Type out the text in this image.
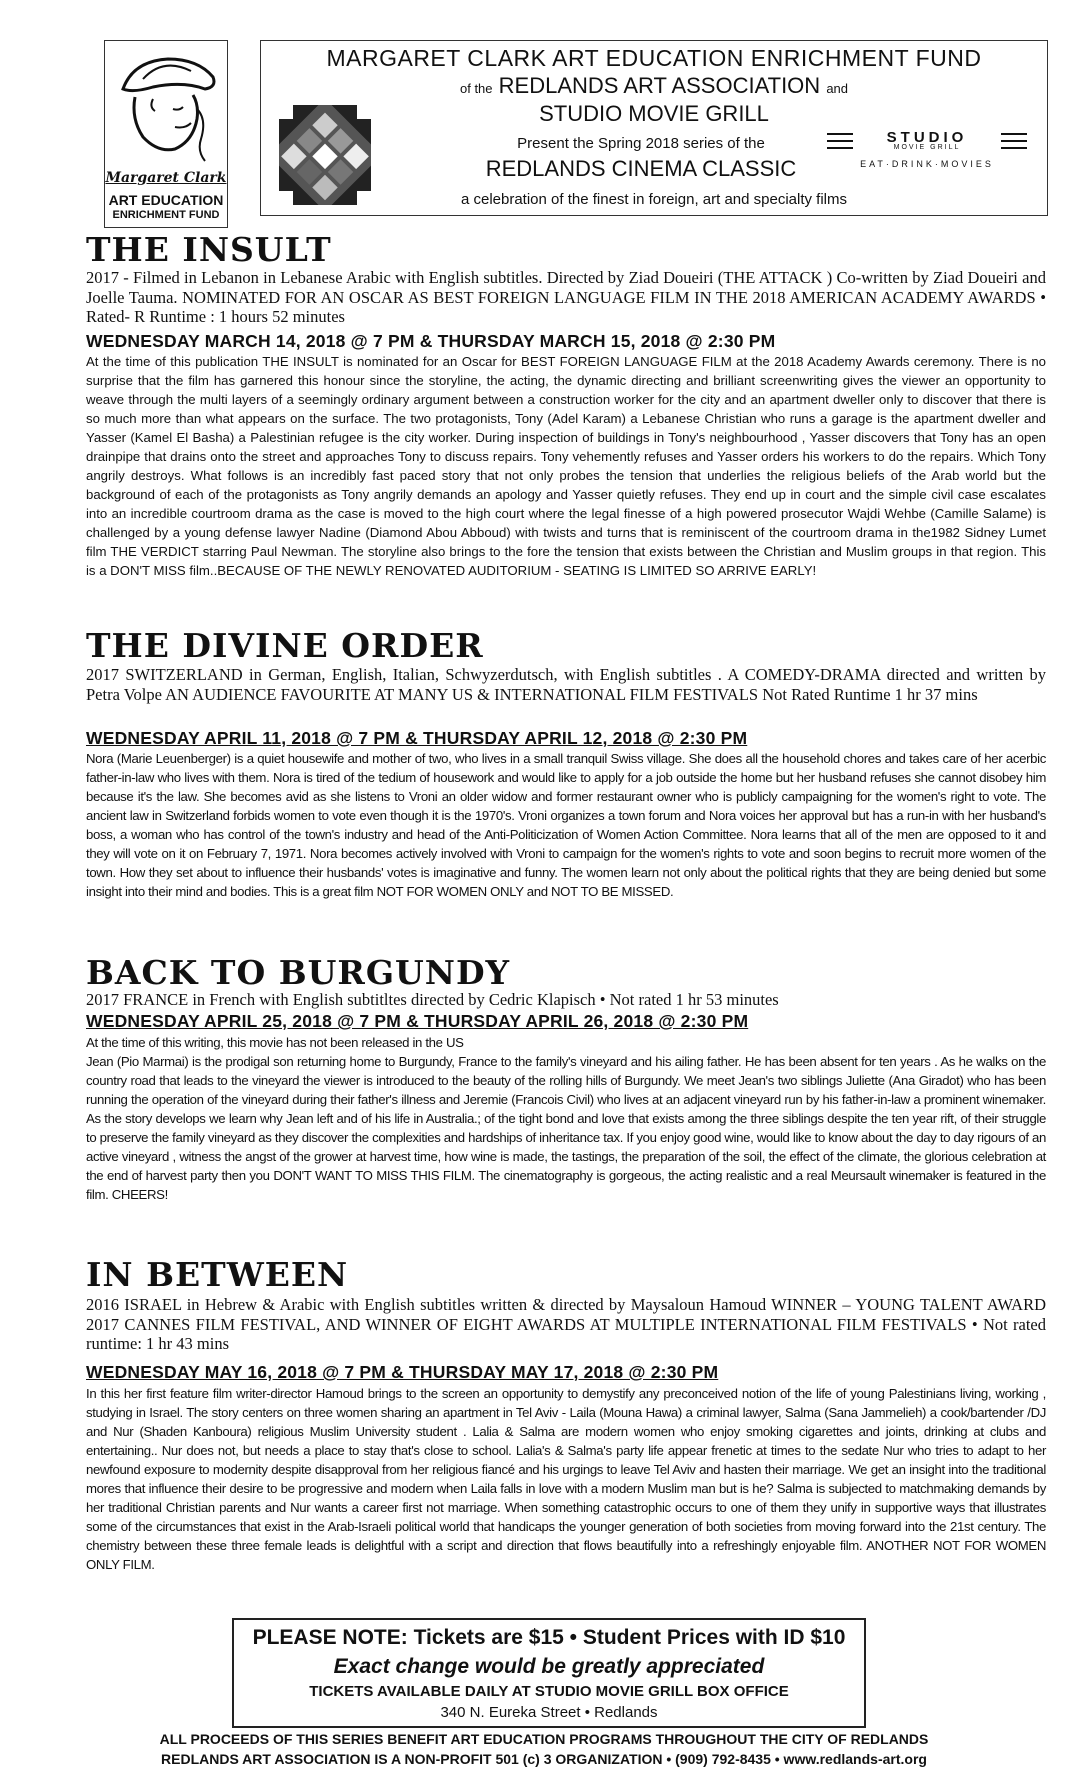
Margaret Clark
ART EDUCATION
ENRICHMENT FUND
MARGARET CLARK ART EDUCATION ENRICHMENT FUND
of the REDLANDS ART ASSOCIATION and
STUDIO MOVIE GRILL
Present the Spring 2018 series of the
REDLANDS CINEMA CLASSIC
STUDIO
MOVIE GRILL
EAT·DRINK·MOVIES
a celebration of the finest in foreign, art and specialty films
THE INSULT
2017 - Filmed in Lebanon in Lebanese Arabic with English subtitles. Directed by Ziad Doueiri (THE ATTACK ) Co-written by Ziad Doueiri and Joelle Tauma. NOMINATED FOR AN OSCAR AS BEST FOREIGN LANGUAGE FILM IN THE 2018 AMERICAN ACADEMY AWARDS • Rated- R Runtime : 1 hours 52 minutes
WEDNESDAY MARCH 14, 2018 @ 7 PM & THURSDAY MARCH 15, 2018 @ 2:30 PM
At the time of this publication THE INSULT is nominated for an Oscar for BEST FOREIGN LANGUAGE FILM at the 2018 Academy Awards ceremony. There is no surprise that the film has garnered this honour since the storyline, the acting, the dynamic directing and brilliant screenwriting gives the viewer an opportunity to weave through the multi layers of a seemingly ordinary argument between a construction worker for the city and an apartment dweller only to discover that there is so much more than what appears on the surface. The two protagonists, Tony (Adel Karam) a Lebanese Christian who runs a garage is the apartment dweller and Yasser (Kamel El Basha) a Palestinian refugee is the city worker. During inspection of buildings in Tony's neighbourhood , Yasser discovers that Tony has an open drainpipe that drains onto the street and approaches Tony to discuss repairs. Tony vehemently refuses and Yasser orders his workers to do the repairs. Which Tony angrily destroys. What follows is an incredibly fast paced story that not only probes the tension that underlies the religious beliefs of the Arab world but the background of each of the protagonists as Tony angrily demands an apology and Yasser quietly refuses. They end up in court and the simple civil case escalates into an incredible courtroom drama as the case is moved to the high court where the legal finesse of a high powered prosecutor Wajdi Wehbe (Camille Salame) is challenged by a young defense lawyer Nadine (Diamond Abou Abboud) with twists and turns that is reminiscent of the courtroom drama in the1982 Sidney Lumet film THE VERDICT starring Paul Newman. The storyline also brings to the fore the tension that exists between the Christian and Muslim groups in that region. This is a DON'T MISS film..BECAUSE OF THE NEWLY RENOVATED AUDITORIUM - SEATING IS LIMITED SO ARRIVE EARLY!
THE DIVINE ORDER
2017 SWITZERLAND in German, English, Italian, Schwyzerdutsch, with English subtitles . A COMEDY-DRAMA directed and written by Petra Volpe AN AUDIENCE FAVOURITE AT MANY US & INTERNATIONAL FILM FESTIVALS Not Rated Runtime 1 hr 37 mins
WEDNESDAY APRIL 11, 2018 @ 7 PM & THURSDAY APRIL 12, 2018 @ 2:30 PM
Nora (Marie Leuenberger) is a quiet housewife and mother of two, who lives in a small tranquil Swiss village. She does all the household chores and takes care of her acerbic father-in-law who lives with them. Nora is tired of the tedium of housework and would like to apply for a job outside the home but her husband refuses she cannot disobey him because it's the law. She becomes avid as she listens to Vroni an older widow and former restaurant owner who is publicly campaigning for the women's right to vote. The ancient law in Switzerland forbids women to vote even though it is the 1970's. Vroni organizes a town forum and Nora voices her approval but has a run-in with her husband's boss, a woman who has control of the town's industry and head of the Anti-Politicization of Women Action Committee. Nora learns that all of the men are opposed to it and they will vote on it on February 7, 1971. Nora becomes actively involved with Vroni to campaign for the women's rights to vote and soon begins to recruit more women of the town. How they set about to influence their husbands' votes is imaginative and funny. The women learn not only about the political rights that they are being denied but some insight into their mind and bodies. This is a great film NOT FOR WOMEN ONLY and NOT TO BE MISSED.
BACK TO BURGUNDY
2017 FRANCE in French with English subtitltes directed by Cedric Klapisch • Not rated 1 hr 53 minutes
WEDNESDAY APRIL 25, 2018 @ 7 PM & THURSDAY APRIL 26, 2018 @ 2:30 PM
At the time of this writing, this movie has not been released in the US
Jean (Pio Marmai) is the prodigal son returning home to Burgundy, France to the family's vineyard and his ailing father. He has been absent for ten years . As he walks on the country road that leads to the vineyard the viewer is introduced to the beauty of the rolling hills of Burgundy. We meet Jean's two siblings Juliette (Ana Giradot) who has been running the operation of the vineyard during their father's illness and Jeremie (Francois Civil) who lives at an adjacent vineyard run by his father-in-law a prominent winemaker. As the story develops we learn why Jean left and of his life in Australia.; of the tight bond and love that exists among the three siblings despite the ten year rift, of their struggle to preserve the family vineyard as they discover the complexities and hardships of inheritance tax. If you enjoy good wine, would like to know about the day to day rigours of an active vineyard , witness the angst of the grower at harvest time, how wine is made, the tastings, the preparation of the soil, the effect of the climate, the glorious celebration at the end of harvest party then you DON'T WANT TO MISS THIS FILM. The cinematography is gorgeous, the acting realistic and a real Meursault winemaker is featured in the film. CHEERS!
IN BETWEEN
2016 ISRAEL in Hebrew & Arabic with English subtitles written & directed by Maysaloun Hamoud WINNER – YOUNG TALENT AWARD 2017 CANNES FILM FESTIVAL, AND WINNER OF EIGHT AWARDS AT MULTIPLE INTERNATIONAL FILM FESTIVALS • Not rated runtime: 1 hr 43 mins
WEDNESDAY MAY 16, 2018 @ 7 PM & THURSDAY MAY 17, 2018 @ 2:30 PM
In this her first feature film writer-director Hamoud brings to the screen an opportunity to demystify any preconceived notion of the life of young Palestinians living, working , studying in Israel. The story centers on three women sharing an apartment in Tel Aviv - Laila (Mouna Hawa) a criminal lawyer, Salma (Sana Jammelieh) a cook/bartender /DJ and Nur (Shaden Kanboura) religious Muslim University student . Lalia & Salma are modern women who enjoy smoking cigarettes and joints, drinking at clubs and entertaining.. Nur does not, but needs a place to stay that's close to school. Lalia's & Salma's party life appear frenetic at times to the sedate Nur who tries to adapt to her newfound exposure to modernity despite disapproval from her religious fiancé and his urgings to leave Tel Aviv and hasten their marriage. We get an insight into the traditional mores that influence their desire to be progressive and modern when Laila falls in love with a modern Muslim man but is he? Salma is subjected to matchmaking demands by her traditional Christian parents and Nur wants a career first not marriage. When something catastrophic occurs to one of them they unify in supportive ways that illustrates some of the circumstances that exist in the Arab-Israeli political world that handicaps the younger generation of both societies from moving forward into the 21st century. The chemistry between these three female leads is delightful with a script and direction that flows beautifully into a refreshingly enjoyable film. ANOTHER NOT FOR WOMEN ONLY FILM.
PLEASE NOTE: Tickets are $15 • Student Prices with ID $10
Exact change would be greatly appreciated
TICKETS AVAILABLE DAILY AT STUDIO MOVIE GRILL BOX OFFICE
340 N. Eureka Street • Redlands
ALL PROCEEDS OF THIS SERIES BENEFIT ART EDUCATION PROGRAMS THROUGHOUT THE CITY OF REDLANDS
REDLANDS ART ASSOCIATION IS A NON-PROFIT 501 (c) 3 ORGANIZATION • (909) 792-8435 • www.redlands-art.org
